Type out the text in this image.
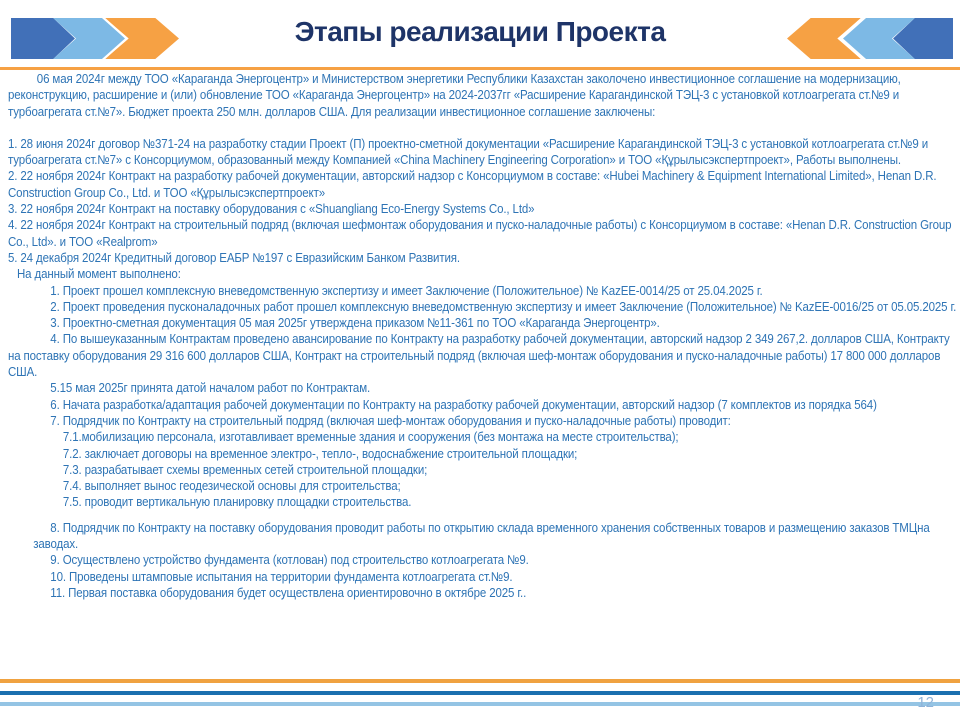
Этапы реализации Проекта
06 мая 2024г между ТОО «Караганда Энергоцентр» и Министерством энергетики Республики Казахстан заколочено инвестиционное соглашение на модернизацию, реконструкцию, расширение и (или) обновление ТОО «Караганда Энергоцентр» на 2024-2037гг «Расширение Карагандинской ТЭЦ-3 с установкой котлоагрегата ст.№9 и турбоагрегата ст.№7». Бюджет проекта 250 млн. долларов США. Для реализации инвестиционное соглашение заключены:
1. 28 июня 2024г договор №371-24 на разработку стадии Проект (П) проектно-сметной документации «Расширение Карагандинской ТЭЦ-3 с установкой котлоагрегата ст.№9 и турбоагрегата ст.№7» с Консорциумом, образованный между Компанией «China Machinery Engineering Corporation» и ТОО «Құрылысэкспертпроект», Работы выполнены.
2. 22 ноября 2024г Контракт на разработку рабочей документации, авторский надзор с Консорциумом в составе: «Hubei Machinery & Equipment International Limited», Henan D.R. Construction Group Co., Ltd. и ТОО «Құрылысэкспертпроект»
3. 22 ноября 2024г Контракт на поставку оборудования с «Shuangliang Eco-Energy Systems Co., Ltd»
4. 22 ноября 2024г Контракт на строительный подряд (включая шефмонтаж оборудования и пуско-наладочные работы) с Консорциумом в составе: «Henan D.R. Construction Group Co., Ltd». и ТОО «Realprom»
5. 24 декабря 2024г Кредитный договор ЕАБР №197 с Евразийским Банком Развития.
На данный момент выполнено:
1. Проект прошел комплексную вневедомственную экспертизу и имеет Заключение (Положительное) № KazEE-0014/25 от 25.04.2025 г.
2. Проект проведения пусконаладочных работ прошел комплексную вневедомственную экспертизу и имеет Заключение (Положительное) № KazEE-0016/25 от 05.05.2025 г.
3. Проектно-сметная документация 05 мая 2025г утверждена приказом №11-361 по ТОО «Караганда Энергоцентр».
4. По вышеуказанным Контрактам проведено авансирование по Контракту на разработку рабочей документации, авторский надзор 2 349 267,2. долларов США, Контракту на поставку оборудования 29 316 600 долларов США, Контракт на строительный подряд (включая шеф-монтаж оборудования и пуско-наладочные работы) 17 800 000 долларов США.
5.15 мая 2025г принята датой началом работ по Контрактам.
6. Начата разработка/адаптация рабочей документации по Контракту на разработку рабочей документации, авторский надзор (7 комплектов из порядка 564)
7. Подрядчик по Контракту на строительный подряд (включая шеф-монтаж оборудования и пуско-наладочные работы) проводит:
7.1.мобилизацию персонала, изготавливает временные здания и сооружения (без монтажа на месте строительства);
7.2. заключает договоры на временное электро-, тепло-, водоснабжение строительной площадки;
7.3. разрабатывает схемы временных сетей строительной площадки;
7.4. выполняет вынос геодезической основы для строительства;
7.5. проводит вертикальную планировку площадки строительства.
8. Подрядчик по Контракту на поставку оборудования проводит работы по открытию склада временного хранения собственных товаров и размещению заказов ТМЦна заводах.
9. Осуществлено устройство фундамента (котлован) под строительство котлоагрегата №9.
10. Проведены штамповые испытания на территории фундамента котлоагрегата ст.№9.
11. Первая поставка оборудования будет осуществлена ориентировочно в октябре 2025 г..
12
